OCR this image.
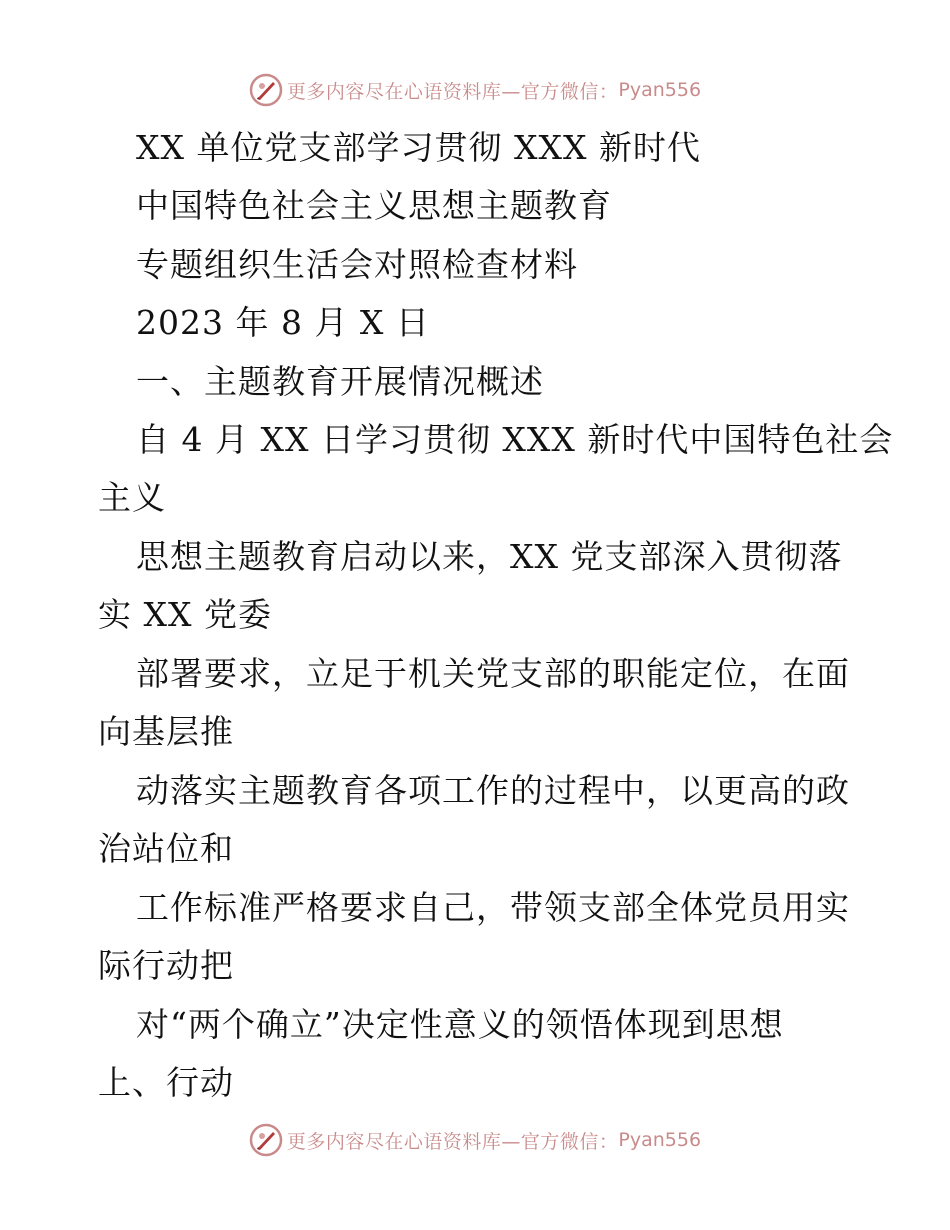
更多内容尽在心语资料库—官方微信： Pyan556
XX 单位党支部学习贯彻 XXX 新时代
中国特色社会主义思想主题教育
专题组织生活会对照检查材料
2023 年 8 月 X 日
一、主题教育开展情况概述
自 4 月 XX 日学习贯彻 XXX 新时代中国特色社会
主义
思想主题教育启动以来，XX 党支部深入贯彻落
实 XX 党委
部署要求，立足于机关党支部的职能定位，在面
向基层推
动落实主题教育各项工作的过程中，以更高的政
治站位和
工作标准严格要求自己，带领支部全体党员用实
际行动把
对“两个确立”决定性意义的领悟体现到思想
上、行动
更多内容尽在心语资料库—官方微信： Pyan556
